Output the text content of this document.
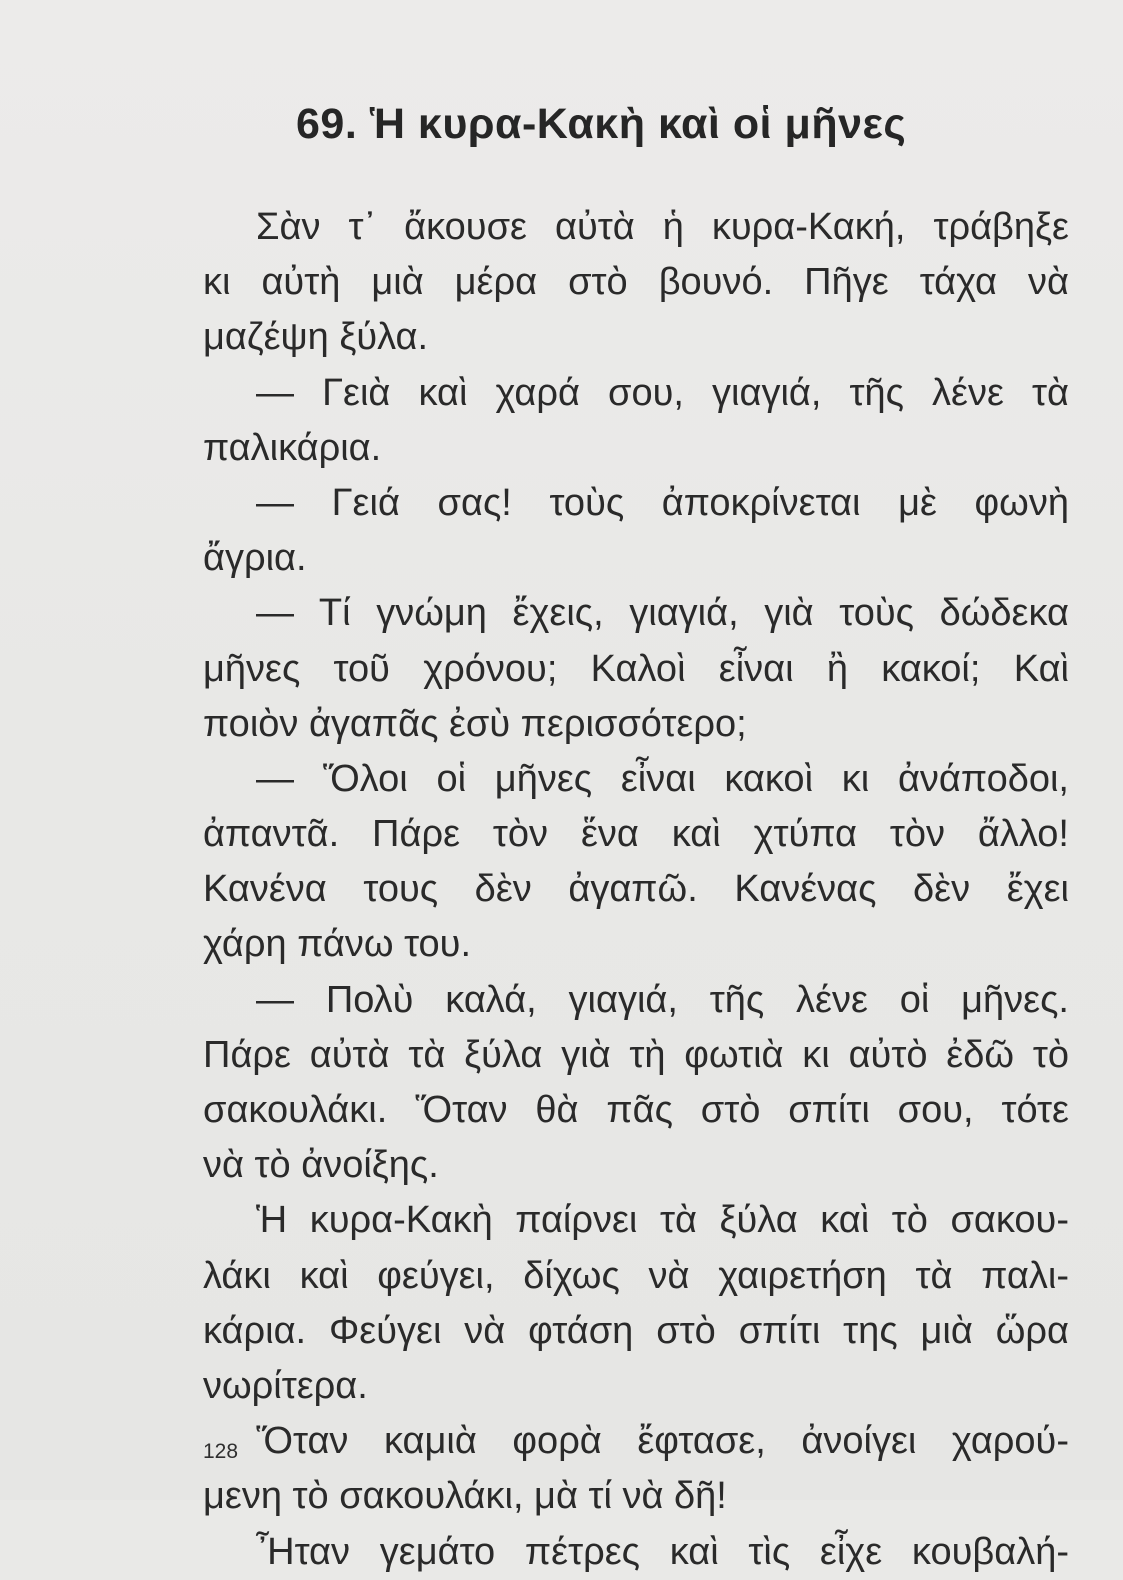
69. Ἡ κυρα-Κακὴ καὶ οἱ μῆνες
Σὰν τ᾿ ἄκουσε αὐτὰ ἡ κυρα-Κακή, τράβηξε
κι αὐτὴ μιὰ μέρα στὸ βουνό. Πῆγε τάχα νὰ
μαζέψη ξύλα.
— Γειὰ καὶ χαρά σου, γιαγιά, τῆς λένε τὰ
παλικάρια.
— Γειά σας! τοὺς ἀποκρίνεται μὲ φωνὴ
ἄγρια.
— Τί γνώμη ἔχεις, γιαγιά, γιὰ τοὺς δώδεκα
μῆνες τοῦ χρόνου; Καλοὶ εἶναι ἢ κακοί; Καὶ
ποιὸν ἀγαπᾶς ἐσὺ περισσότερο;
— Ὅλοι οἱ μῆνες εἶναι κακοὶ κι ἀνάποδοι,
ἀπαντᾶ. Πάρε τὸν ἕνα καὶ χτύπα τὸν ἄλλο!
Κανένα τους δὲν ἀγαπῶ. Κανένας δὲν ἔχει
χάρη πάνω του.
— Πολὺ καλά, γιαγιά, τῆς λένε οἱ μῆνες.
Πάρε αὐτὰ τὰ ξύλα γιὰ τὴ φωτιὰ κι αὐτὸ ἐδῶ τὸ
σακουλάκι. Ὅταν θὰ πᾶς στὸ σπίτι σου, τότε
νὰ τὸ ἀνοίξης.
Ἡ κυρα-Κακὴ παίρνει τὰ ξύλα καὶ τὸ σακου-
λάκι καὶ φεύγει, δίχως νὰ χαιρετήση τὰ παλι-
κάρια. Φεύγει νὰ φτάση στὸ σπίτι της μιὰ ὥρα
νωρίτερα.
Ὅταν καμιὰ φορὰ ἔφτασε, ἀνοίγει χαρού-
μενη τὸ σακουλάκι, μὰ τί νὰ δῆ!
Ἦταν γεμάτο πέτρες καὶ τὶς εἶχε κουβαλή-
128
